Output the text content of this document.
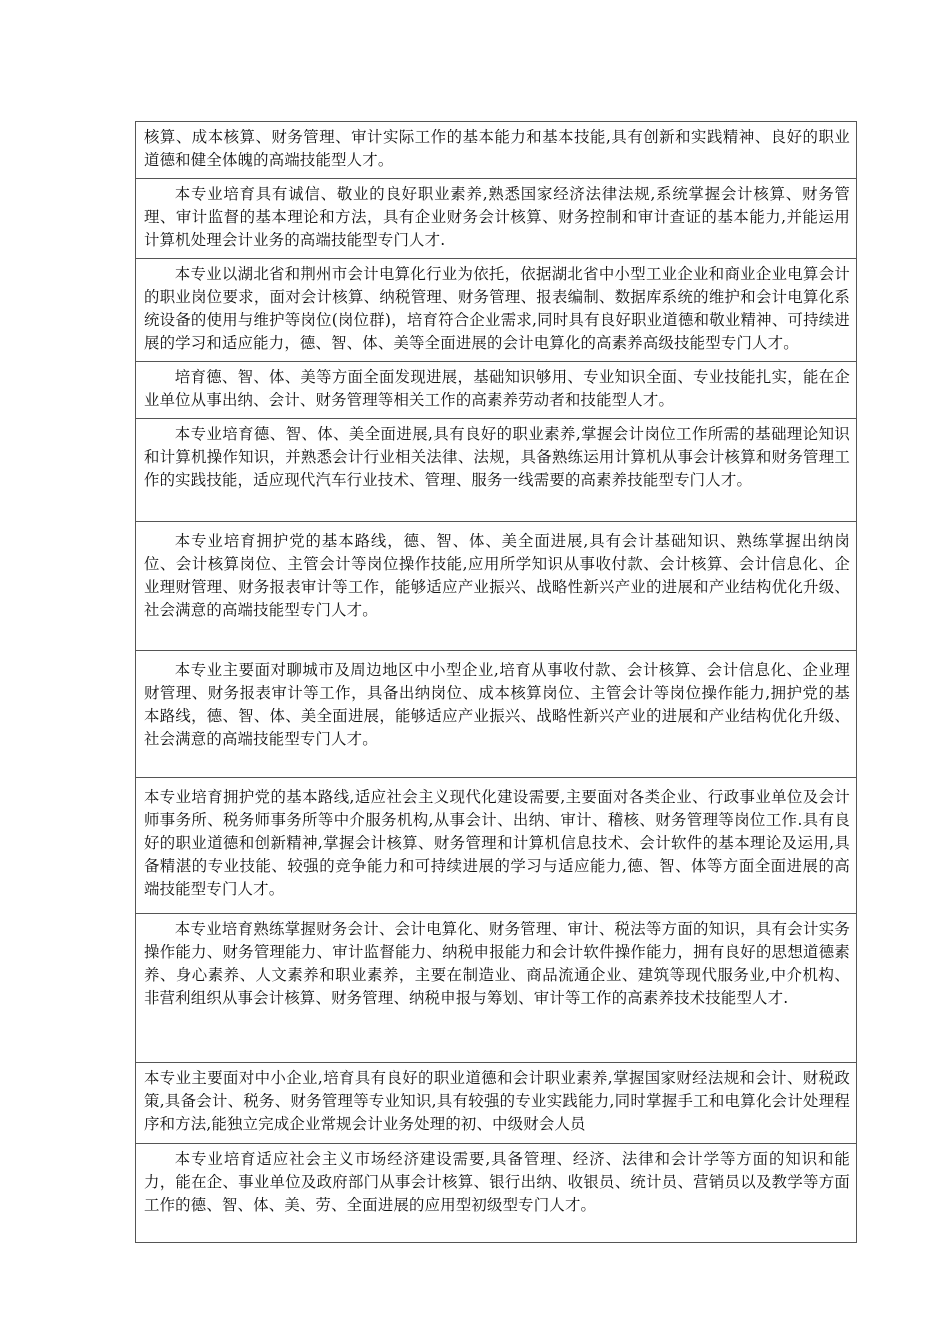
核算、成本核算、财务管理、审计实际工作的基本能力和基本技能,具有创新和实践精神、良好的职业道德和健全体魄的高端技能型人才。
本专业培育具有诚信、敬业的良好职业素养,熟悉国家经济法律法规,系统掌握会计核算、财务管理、审计监督的基本理论和方法，具有企业财务会计核算、财务控制和审计查证的基本能力,并能运用计算机处理会计业务的高端技能型专门人才.
本专业以湖北省和荆州市会计电算化行业为依托，依据湖北省中小型工业企业和商业企业电算会计的职业岗位要求，面对会计核算、纳税管理、财务管理、报表编制、数据库系统的维护和会计电算化系统设备的使用与维护等岗位(岗位群)，培育符合企业需求,同时具有良好职业道德和敬业精神、可持续进展的学习和适应能力，德、智、体、美等全面进展的会计电算化的高素养高级技能型专门人才。
培育德、智、体、美等方面全面发现进展，基础知识够用、专业知识全面、专业技能扎实，能在企业单位从事出纳、会计、财务管理等相关工作的高素养劳动者和技能型人才。
本专业培育德、智、体、美全面进展,具有良好的职业素养,掌握会计岗位工作所需的基础理论知识和计算机操作知识，并熟悉会计行业相关法律、法规，具备熟练运用计算机从事会计核算和财务管理工作的实践技能，适应现代汽车行业技术、管理、服务一线需要的高素养技能型专门人才。
本专业培育拥护党的基本路线，德、智、体、美全面进展,具有会计基础知识、熟练掌握出纳岗位、会计核算岗位、主管会计等岗位操作技能,应用所学知识从事收付款、会计核算、会计信息化、企业理财管理、财务报表审计等工作，能够适应产业振兴、战略性新兴产业的进展和产业结构优化升级、社会满意的高端技能型专门人才。
本专业主要面对聊城市及周边地区中小型企业,培育从事收付款、会计核算、会计信息化、企业理财管理、财务报表审计等工作，具备出纳岗位、成本核算岗位、主管会计等岗位操作能力,拥护党的基本路线，德、智、体、美全面进展，能够适应产业振兴、战略性新兴产业的进展和产业结构优化升级、社会满意的高端技能型专门人才。
本专业培育拥护党的基本路线,适应社会主义现代化建设需要,主要面对各类企业、行政事业单位及会计师事务所、税务师事务所等中介服务机构,从事会计、出纳、审计、稽核、财务管理等岗位工作.具有良好的职业道德和创新精神,掌握会计核算、财务管理和计算机信息技术、会计软件的基本理论及运用,具备精湛的专业技能、较强的竞争能力和可持续进展的学习与适应能力,德、智、体等方面全面进展的高端技能型专门人才。
本专业培育熟练掌握财务会计、会计电算化、财务管理、审计、税法等方面的知识，具有会计实务操作能力、财务管理能力、审计监督能力、纳税申报能力和会计软件操作能力，拥有良好的思想道德素养、身心素养、人文素养和职业素养，主要在制造业、商品流通企业、建筑等现代服务业,中介机构、非营利组织从事会计核算、财务管理、纳税申报与筹划、审计等工作的高素养技术技能型人才.
本专业主要面对中小企业,培育具有良好的职业道德和会计职业素养,掌握国家财经法规和会计、财税政策,具备会计、税务、财务管理等专业知识,具有较强的专业实践能力,同时掌握手工和电算化会计处理程序和方法,能独立完成企业常规会计业务处理的初、中级财会人员
本专业培育适应社会主义市场经济建设需要,具备管理、经济、法律和会计学等方面的知识和能力，能在企、事业单位及政府部门从事会计核算、银行出纳、收银员、统计员、营销员以及教学等方面工作的德、智、体、美、劳、全面进展的应用型初级型专门人才。
